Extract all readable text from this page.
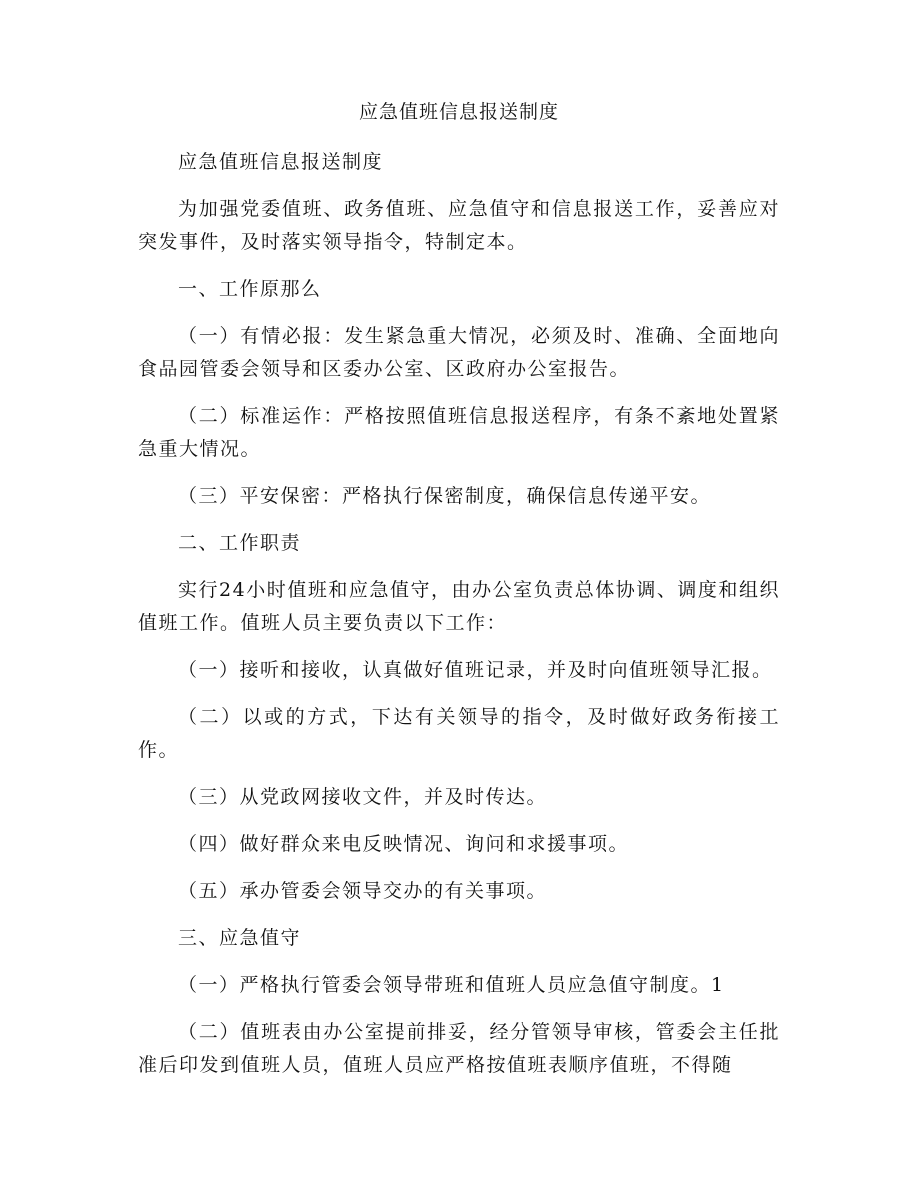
应急值班信息报送制度

应急值班信息报送制度

为加强党委值班、政务值班、应急值守和信息报送工作，妥善应对突发事件，及时落实领导指令，特制定本。

一、工作原那么

（一）有情必报：发生紧急重大情况，必须及时、准确、全面地向食品园管委会领导和区委办公室、区政府办公室报告。

（二）标准运作：严格按照值班信息报送程序，有条不紊地处置紧急重大情况。

（三）平安保密：严格执行保密制度，确保信息传递平安。

二、工作职责

实行24小时值班和应急值守，由办公室负责总体协调、调度和组织值班工作。值班人员主要负责以下工作：

（一）接听和接收，认真做好值班记录，并及时向值班领导汇报。

（二）以或的方式，下达有关领导的指令，及时做好政务衔接工作。

（三）从党政网接收文件，并及时传达。

（四）做好群众来电反映情况、询问和求援事项。

（五）承办管委会领导交办的有关事项。

三、应急值守

（一）严格执行管委会领导带班和值班人员应急值守制度。1

（二）值班表由办公室提前排妥，经分管领导审核，管委会主任批准后印发到值班人员，值班人员应严格按值班表顺序值班，不得随
